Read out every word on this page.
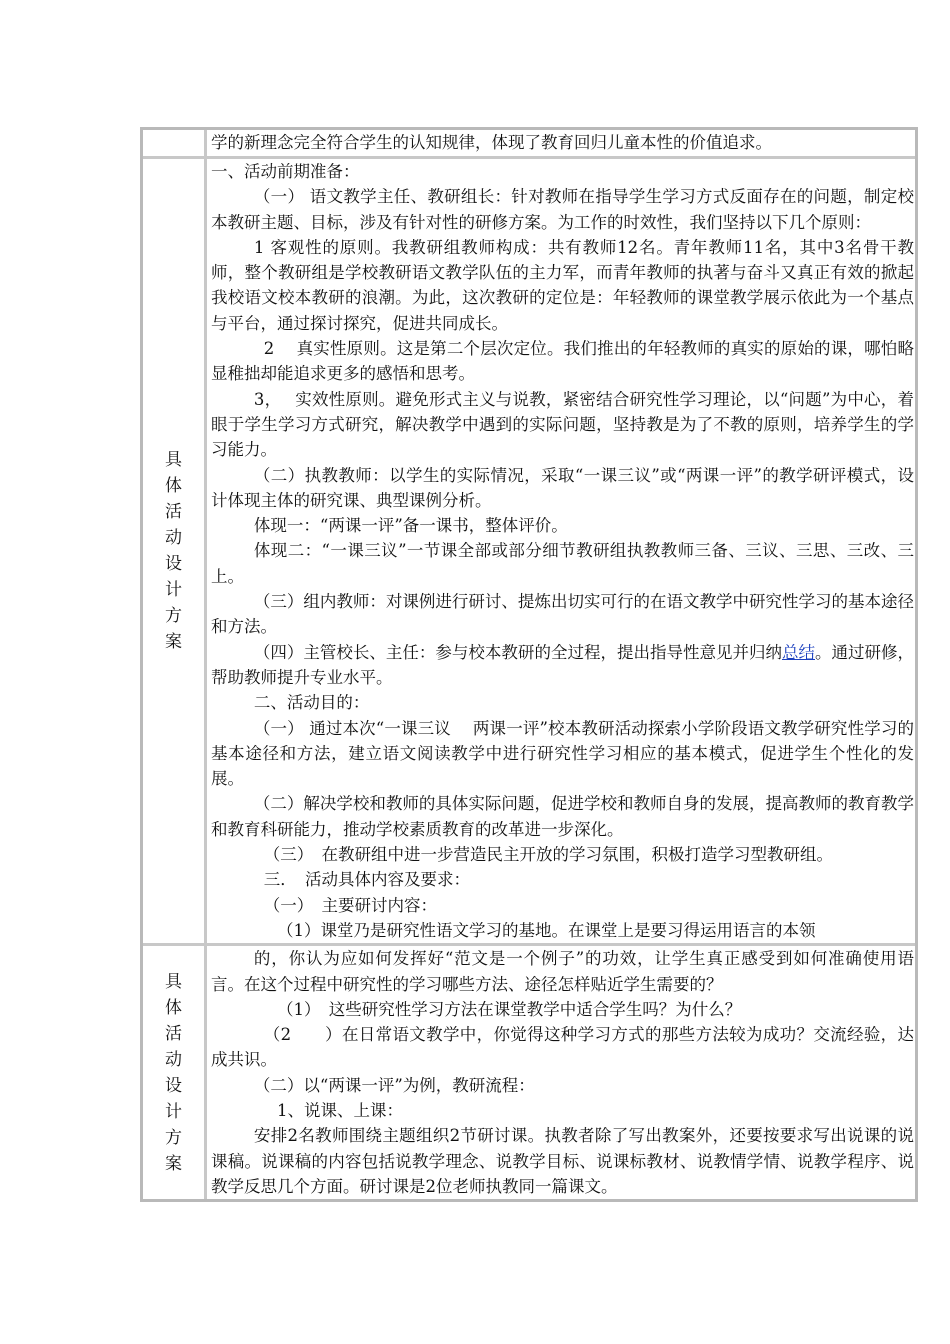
学的新理念完全符合学生的认知规律，体现了教育回归儿童本性的价值追求。

具体活动设计方案

一、活动前期准备：

（一） 语文教学主任、教研组长：针对教师在指导学生学习方式反面存在的问题，制定校本教研主题、目标，涉及有针对性的研修方案。为工作的时效性，我们坚持以下几个原则：

1 客观性的原则。我教研组教师构成：共有教师12名。青年教师11名，其中3名骨干教师，整个教研组是学校教研语文教学队伍的主力军，而青年教师的执著与奋斗又真正有效的掀起我校语文校本教研的浪潮。为此，这次教研的定位是：年轻教师的课堂教学展示依此为一个基点与平台，通过探讨探究，促进共同成长。

2　 真实性原则。这是第二个层次定位。我们推出的年轻教师的真实的原始的课，哪怕略显稚拙却能追求更多的感悟和思考。

3，　 实效性原则。避免形式主义与说教，紧密结合研究性学习理论，以“问题”为中心，着眼于学生学习方式研究，解决教学中遇到的实际问题，坚持教是为了不教的原则，培养学生的学习能力。

（二）执教教师：以学生的实际情况，采取“一课三议”或“两课一评”的教学研评模式，设计体现主体的研究课、典型课例分析。

体现一：“两课一评”备一课书，整体评价。

体现二：“一课三议”一节课全部或部分细节教研组执教教师三备、三议、三思、三改、三上。

（三）组内教师：对课例进行研讨、提炼出切实可行的在语文教学中研究性学习的基本途径和方法。

（四）主管校长、主任：参与校本教研的全过程，提出指导性意见并归纳总结。通过研修，帮助教师提升专业水平。

二、活动目的：

（一） 通过本次“一课三议　 两课一评”校本教研活动探索小学阶段语文教学研究性学习的基本途径和方法，建立语文阅读教学中进行研究性学习相应的基本模式，促进学生个性化的发展。

（二）解决学校和教师的具体实际问题，促进学校和教师自身的发展，提高教师的教育教学和教育科研能力，推动学校素质教育的改革进一步深化。

（三）　在教研组中进一步营造民主开放的学习氛围，积极打造学习型教研组。

三．　活动具体内容及要求：

（一）　主要研讨内容：

（1）课堂乃是研究性语文学习的基地。在课堂上是要习得运用语言的本领

具体活动设计方案

的，你认为应如何发挥好“范文是一个例子”的功效，让学生真正感受到如何准确使用语言。在这个过程中研究性的学习哪些方法、途径怎样贴近学生需要的？

（1）　这些研究性学习方法在课堂教学中适合学生吗？为什么？

（2　　）在日常语文教学中，你觉得这种学习方式的那些方法较为成功？交流经验，达成共识。

（二）以“两课一评”为例，教研流程：

1、说课、上课：

安排2名教师围绕主题组织2节研讨课。执教者除了写出教案外，还要按要求写出说课的说课稿。说课稿的内容包括说教学理念、说教学目标、说课标教材、说教情学情、说教学程序、说教学反思几个方面。研讨课是2位老师执教同一篇课文。
